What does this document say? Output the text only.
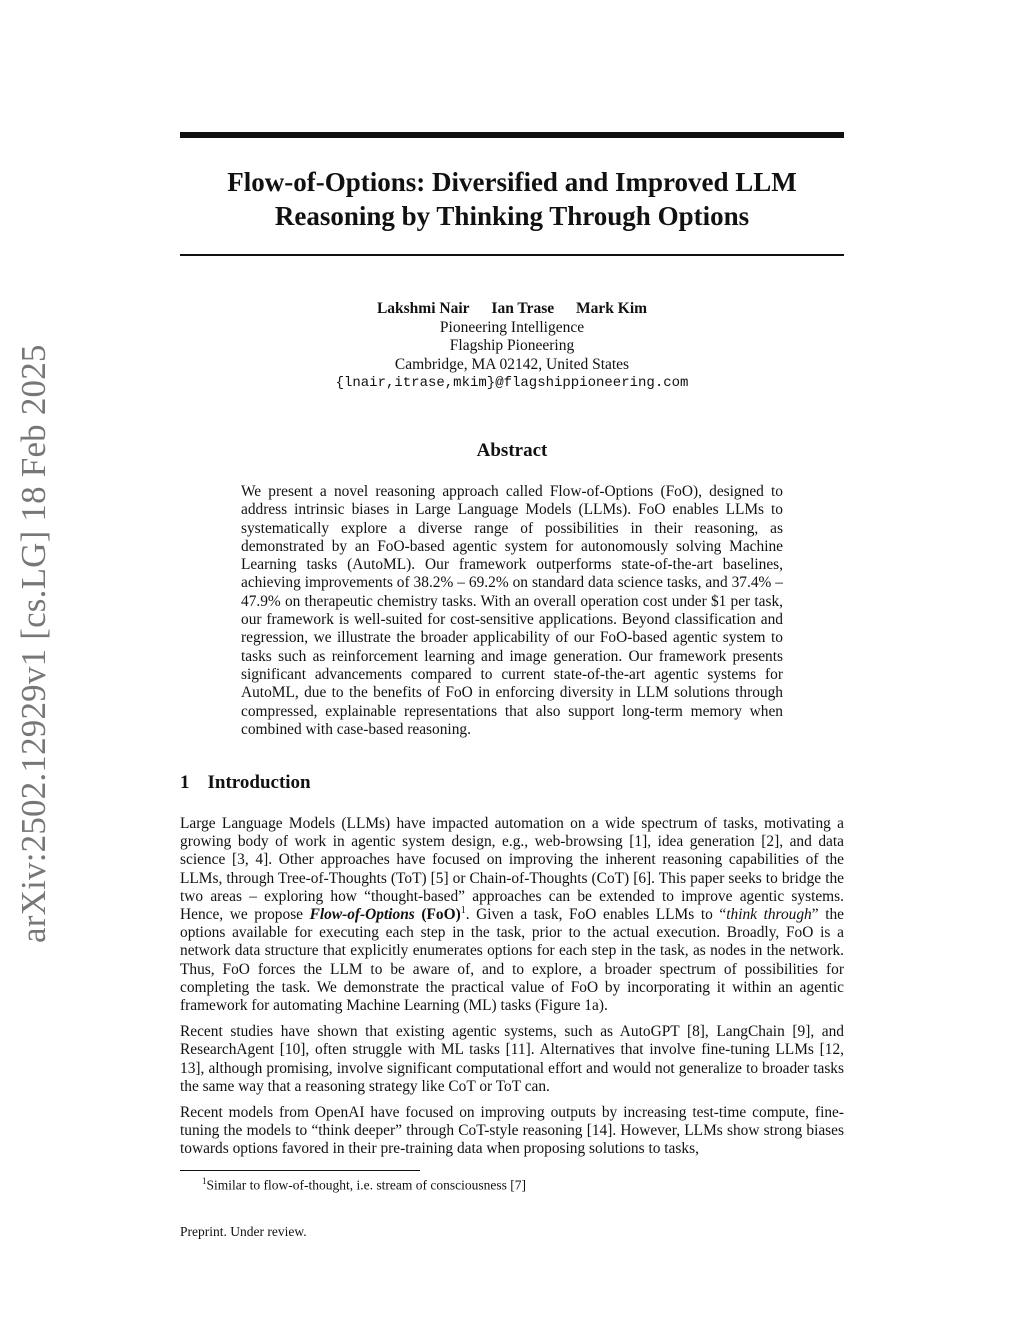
arXiv:2502.12929v1 [cs.LG] 18 Feb 2025
Flow-of-Options: Diversified and Improved LLM
Reasoning by Thinking Through Options
Lakshmi Nair Ian Trase Mark Kim
Pioneering Intelligence
Flagship Pioneering
Cambridge, MA 02142, United States
{lnair,itrase,mkim}@flagshippioneering.com
Abstract
We present a novel reasoning approach called Flow-of-Options (FoO), designed to address intrinsic biases in Large Language Models (LLMs). FoO enables LLMs to systematically explore a diverse range of possibilities in their reasoning, as demonstrated by an FoO-based agentic system for autonomously solving Machine Learning tasks (AutoML). Our framework outperforms state-of-the-art baselines, achieving improvements of 38.2% – 69.2% on standard data science tasks, and 37.4% – 47.9% on therapeutic chemistry tasks. With an overall operation cost under $1 per task, our framework is well-suited for cost-sensitive applications. Beyond classification and regression, we illustrate the broader applicability of our FoO-based agentic system to tasks such as reinforcement learning and image generation. Our framework presents significant advancements compared to current state-of-the-art agentic systems for AutoML, due to the benefits of FoO in enforcing diversity in LLM solutions through compressed, explainable representations that also support long-term memory when combined with case-based reasoning.
1 Introduction

Large Language Models (LLMs) have impacted automation on a wide spectrum of tasks, motivating a growing body of work in agentic system design, e.g., web-browsing [1], idea generation [2], and data science [3, 4]. Other approaches have focused on improving the inherent reasoning capabilities of the LLMs, through Tree-of-Thoughts (ToT) [5] or Chain-of-Thoughts (CoT) [6]. This paper seeks to bridge the two areas – exploring how “thought-based” approaches can be extended to improve agentic systems. Hence, we propose Flow-of-Options (FoO)$^1$. Given a task, FoO enables LLMs to “think through” the options available for executing each step in the task, prior to the actual execution. Broadly, FoO is a network data structure that explicitly enumerates options for each step in the task, as nodes in the network. Thus, FoO forces the LLM to be aware of, and to explore, a broader spectrum of possibilities for completing the task. We demonstrate the practical value of FoO by incorporating it within an agentic framework for automating Machine Learning (ML) tasks (Figure 1a).

Recent studies have shown that existing agentic systems, such as AutoGPT [8], LangChain [9], and ResearchAgent [10], often struggle with ML tasks [11]. Alternatives that involve fine-tuning LLMs [12, 13], although promising, involve significant computational effort and would not generalize to broader tasks the same way that a reasoning strategy like CoT or ToT can.

Recent models from OpenAI have focused on improving outputs by increasing test-time compute, fine-tuning the models to “think deeper” through CoT-style reasoning [14]. However, LLMs show strong biases towards options favored in their pre-training data when proposing solutions to tasks,

$^1$Similar to flow-of-thought, i.e. stream of consciousness [7]
Preprint. Under review.
